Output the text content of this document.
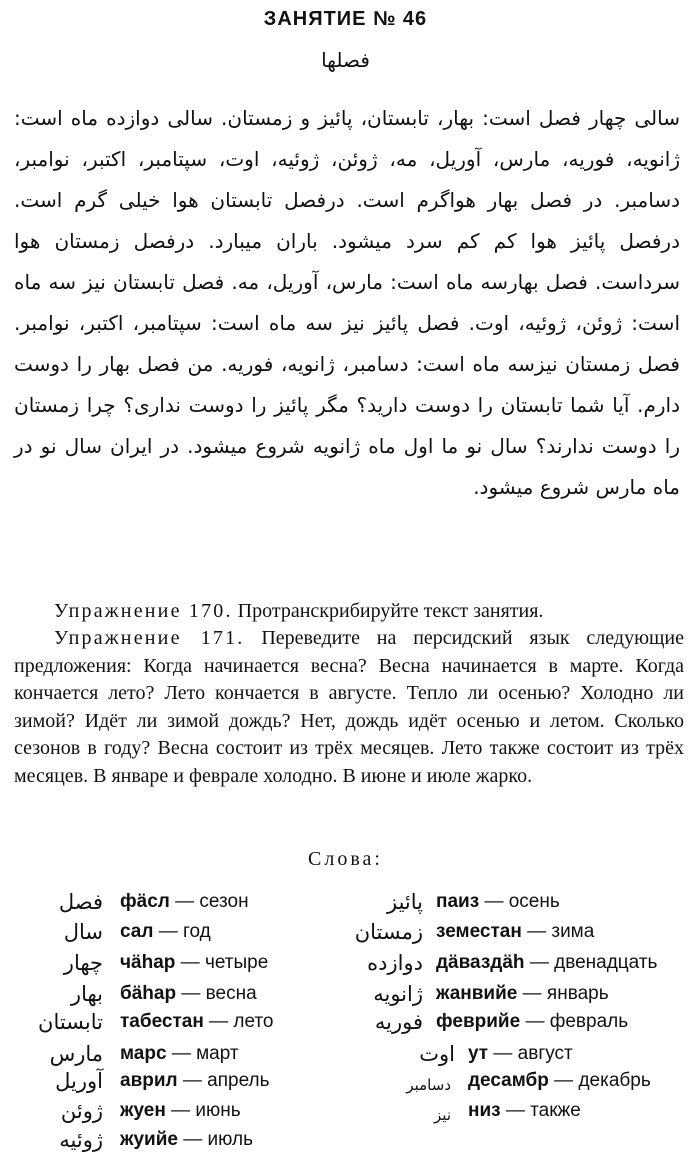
ЗАНЯТИЕ № 46
فصلها

سالی چهار فصل است: بهار، تابستان، پائیز و زمستان. سالی دوازده ماه است: ژانویه، فوریه، مارس، آوریل، مه، ژوئن، ژوئیه، اوت، سپتامبر، اکتبر، نوامبر، دسامبر. در فصل بهار هواگرم است. درفصل تابستان هوا خیلی گرم است. درفصل پائیز هوا کم کم سرد میشود. باران میبارد. درفصل زمستان هوا سرداست. فصل بهارسه ماه است: مارس، آوریل، مه. فصل تابستان نیز سه ماه است: ژوئن، ژوئیه، اوت. فصل پائیز نیز سه ماه است: سپتامبر، اکتبر، نوامبر. فصل زمستان نیزسه ماه است: دسامبر، ژانویه، فوریه. من فصل بهار را دوست دارم. آیا شما تابستان را دوست دارید؟ مگر پائیز را دوست نداری؟ چرا زمستان را دوست ندارند؟ سال نو ما اول ماه ژانویه شروع میشود. در ایران سال نو در ماه مارس شروع میشود.

Упражнение 170. Протранскрибируйте текст занятия.
Упражнение 171. Переведите на персидский язык следующие предложения: Когда начинается весна? Весна начинается в марте. Когда кончается лето? Лето кончается в августе. Тепло ли осенью? Холодно ли зимой? Идёт ли зимой дождь? Нет, дождь идёт осенью и летом. Сколько сезонов в году? Весна состоит из трёх месяцев. Лето также состоит из трёх месяцев. В январе и феврале холодно. В июне и июле жарко.
Слова:
فصل фäсл — сезон	پائیز паиз — осень
سال сал — год	زمستان земестан — зима
چهار чäһар — четыре	دوازده дäваздäһ — двенадцать
بهار бäһар — весна	ژانویه жанвийе — январь
تابستان табестан — лето	فوریه феврийе — февраль
مارس марс — март	اوت ут — август
آوریل аврил — апрель	دسامبر десамбр — декабрь
ژوئن жуен — июнь	نیز низ — также
ژوئیه жуийе — июль
